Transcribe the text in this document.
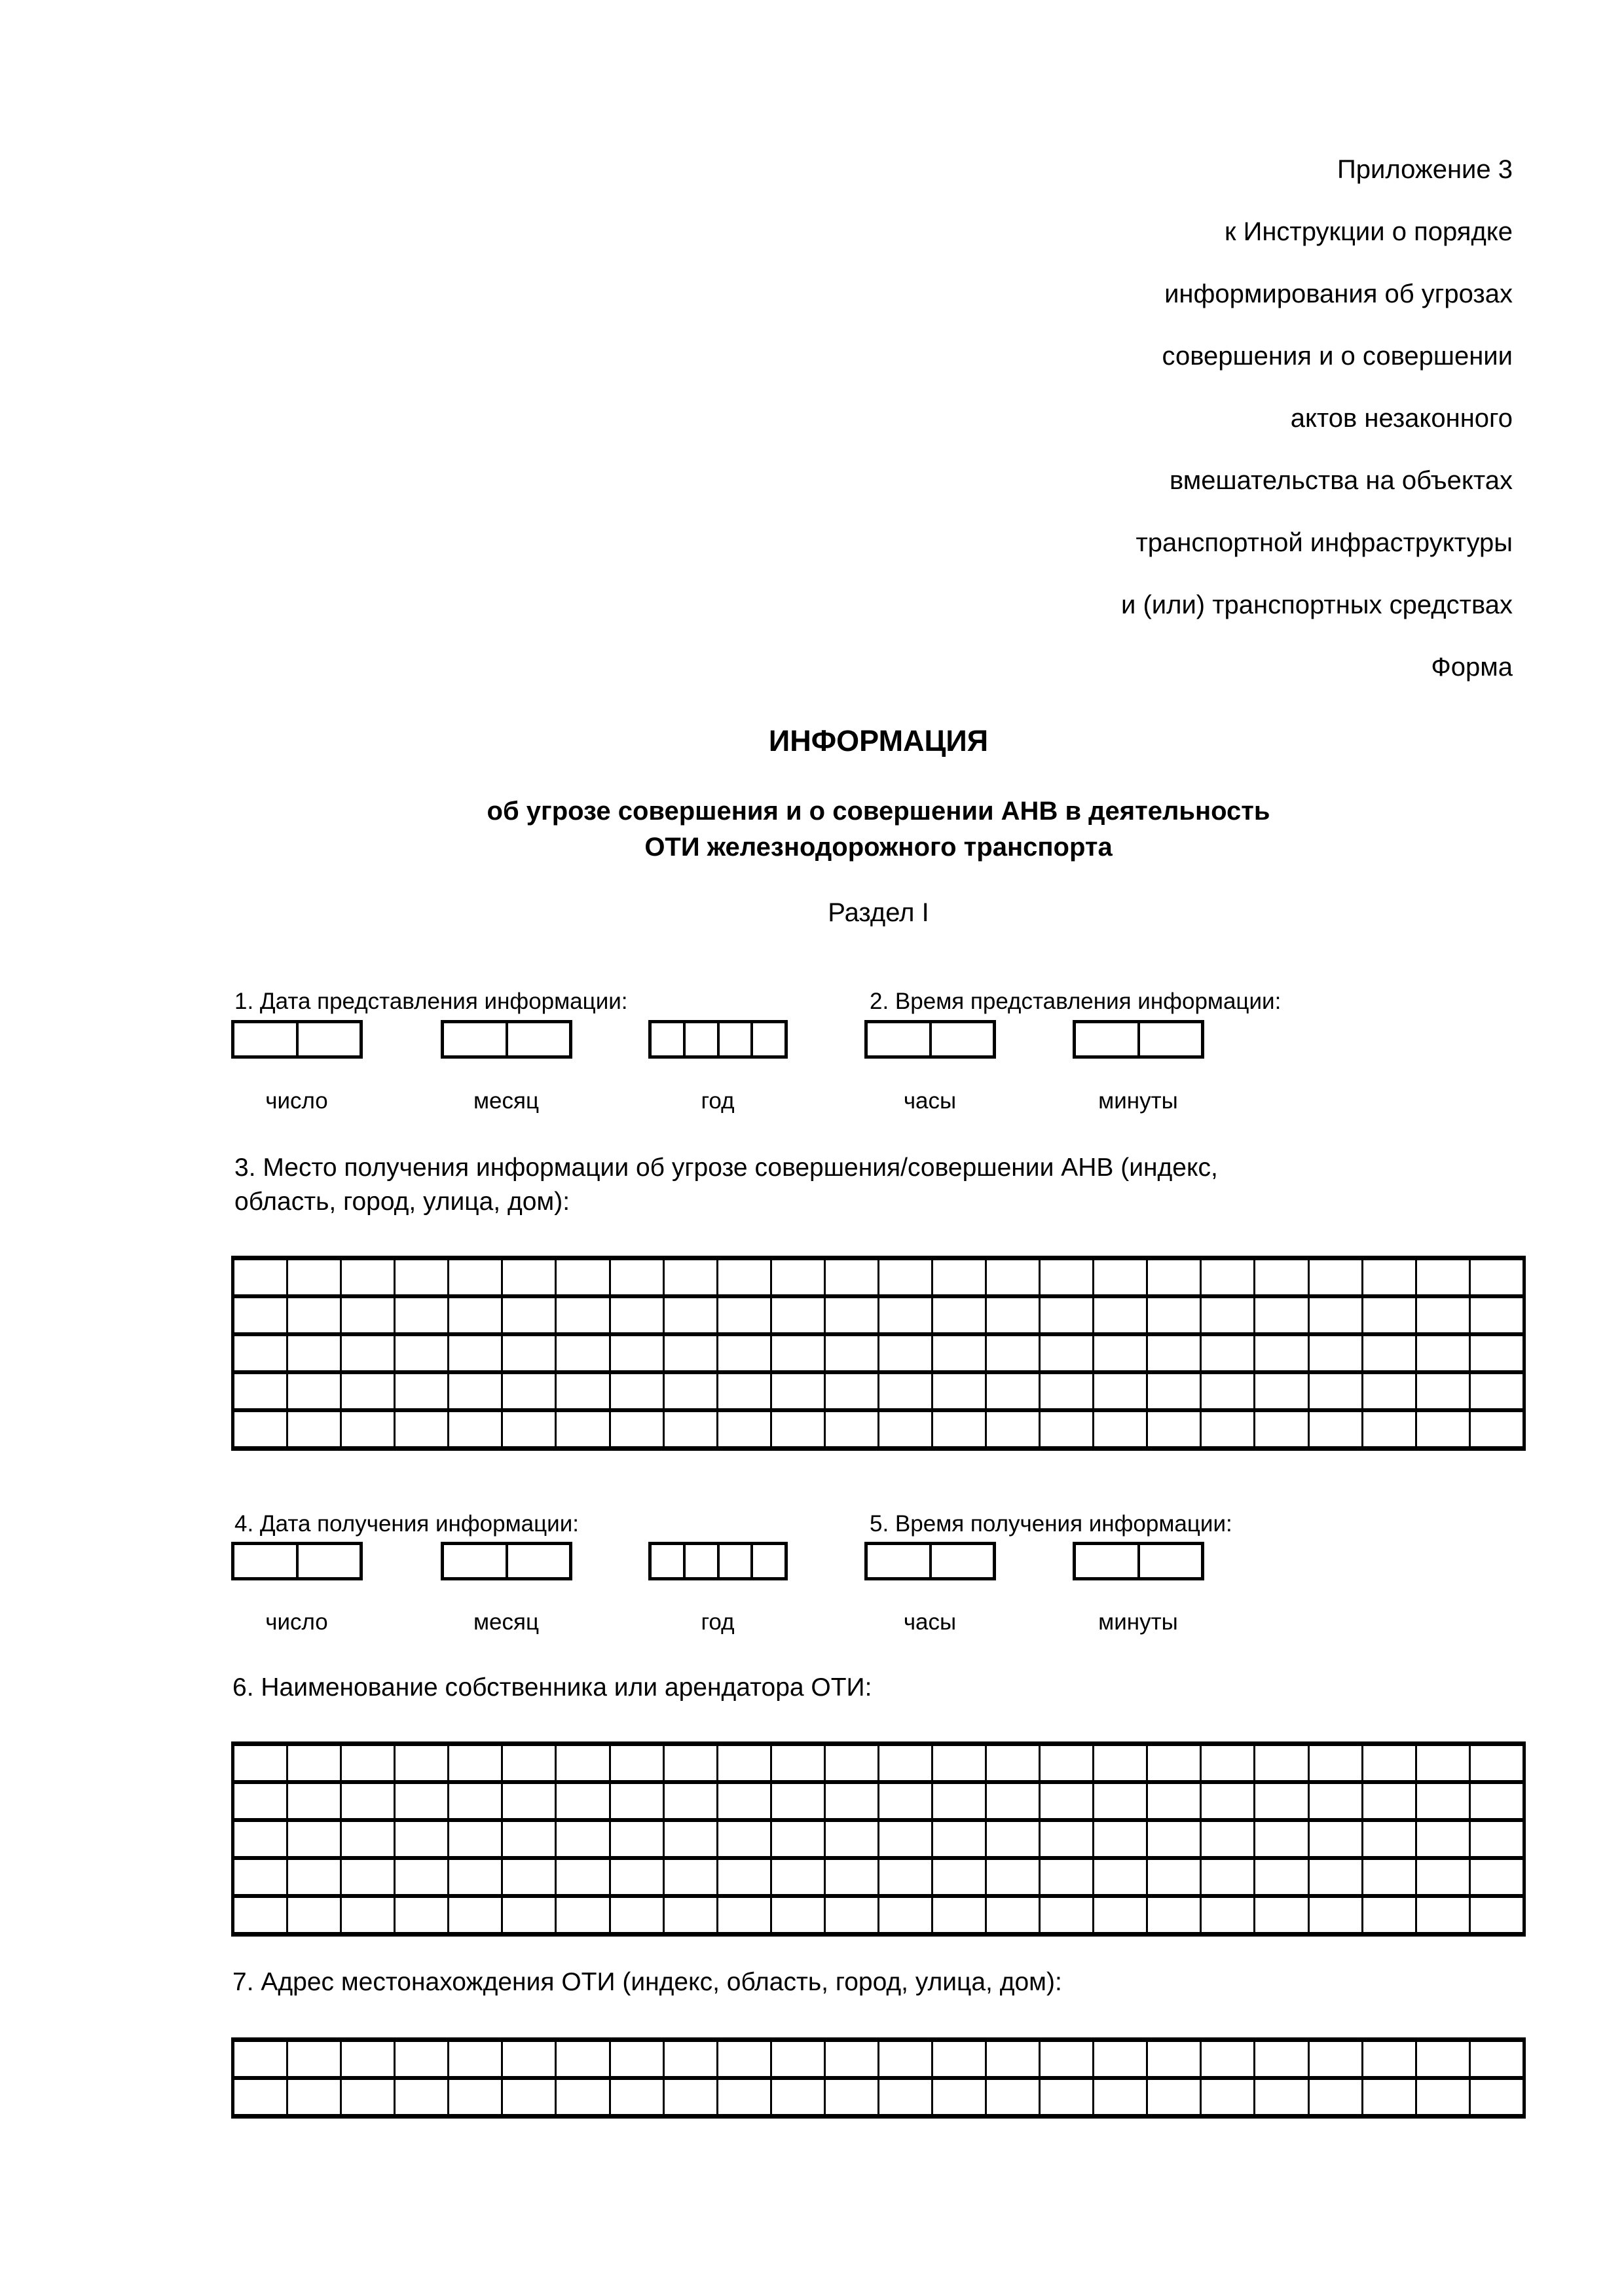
Приложение 3
к Инструкции о порядке
информирования об угрозах
совершения и о совершении
актов незаконного
вмешательства на объектах
транспортной инфраструктуры
и (или) транспортных средствах
Форма
ИНФОРМАЦИЯ
об угрозе совершения и о совершении АНВ в деятельность
ОТИ железнодорожного транспорта
Раздел I
1. Дата представления информации:	2. Время представления информации:
число	месяц	год	часы	минуты
3. Место получения информации об угрозе совершения/совершении АНВ (индекс,
область, город, улица, дом):
4. Дата получения информации:	5. Время получения информации:
число	месяц	год	часы	минуты
6. Наименование собственника или арендатора ОТИ:
7. Адрес местонахождения ОТИ (индекс, область, город, улица, дом):
